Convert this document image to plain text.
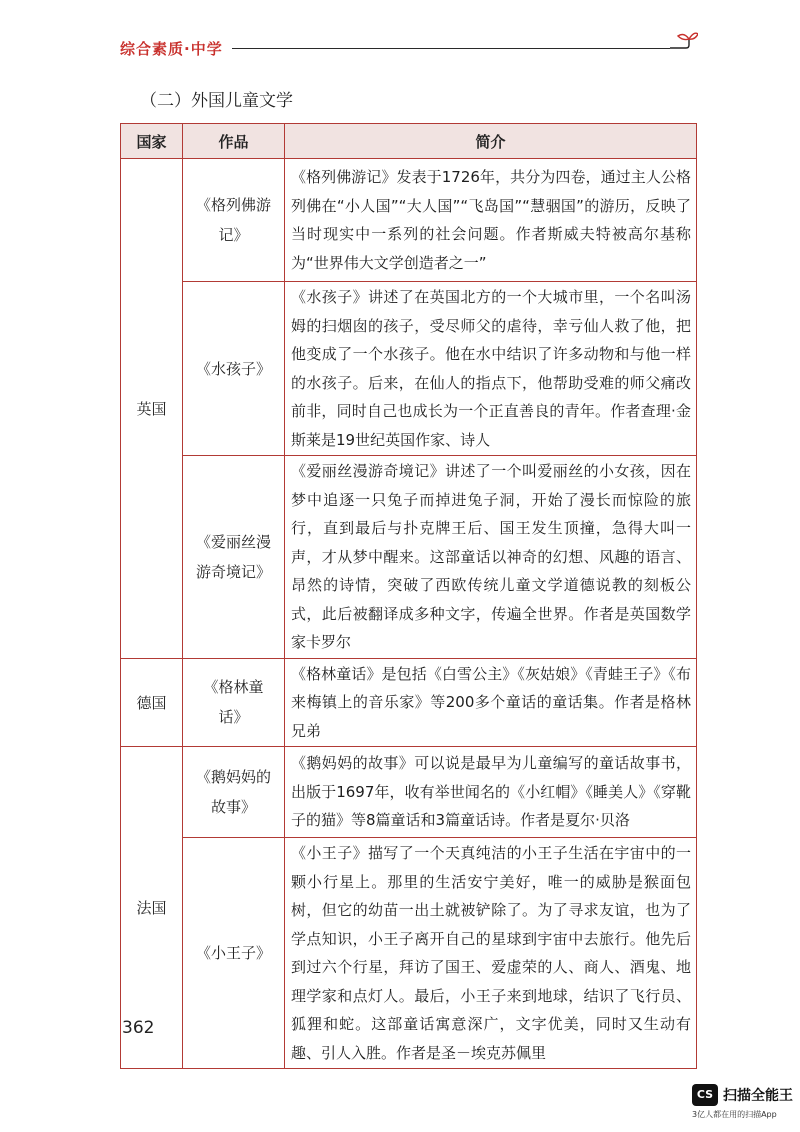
综合素质·中学
（二）外国儿童文学
国家	作品	简介
英国	《格列佛游记》	《格列佛游记》发表于1726年，共分为四卷，通过主人公格列佛在“小人国”“大人国”“飞岛国”“慧骃国”的游历，反映了当时现实中一系列的社会问题。作者斯威夫特被高尔基称为“世界伟大文学创造者之一”
	《水孩子》	《水孩子》讲述了在英国北方的一个大城市里，一个名叫汤姆的扫烟囱的孩子，受尽师父的虐待，幸亏仙人救了他，把他变成了一个水孩子。他在水中结识了许多动物和与他一样的水孩子。后来，在仙人的指点下，他帮助受难的师父痛改前非，同时自己也成长为一个正直善良的青年。作者查理·金斯莱是19世纪英国作家、诗人
	《爱丽丝漫游奇境记》	《爱丽丝漫游奇境记》讲述了一个叫爱丽丝的小女孩，因在梦中追逐一只兔子而掉进兔子洞，开始了漫长而惊险的旅行，直到最后与扑克牌王后、国王发生顶撞，急得大叫一声，才从梦中醒来。这部童话以神奇的幻想、风趣的语言、昂然的诗情，突破了西欧传统儿童文学道德说教的刻板公式，此后被翻译成多种文字，传遍全世界。作者是英国数学家卡罗尔
德国	《格林童话》	《格林童话》是包括《白雪公主》《灰姑娘》《青蛙王子》《布来梅镇上的音乐家》等200多个童话的童话集。作者是格林兄弟
法国	《鹅妈妈的故事》	《鹅妈妈的故事》可以说是最早为儿童编写的童话故事书，出版于1697年，收有举世闻名的《小红帽》《睡美人》《穿靴子的猫》等8篇童话和3篇童话诗。作者是夏尔·贝洛
	《小王子》	《小王子》描写了一个天真纯洁的小王子生活在宇宙中的一颗小行星上。那里的生活安宁美好，唯一的威胁是猴面包树，但它的幼苗一出土就被铲除了。为了寻求友谊，也为了学点知识，小王子离开自己的星球到宇宙中去旅行。他先后到过六个行星，拜访了国王、爱虚荣的人、商人、酒鬼、地理学家和点灯人。最后，小王子来到地球，结识了飞行员、狐狸和蛇。这部童话寓意深广，文字优美，同时又生动有趣、引人入胜。作者是圣－埃克苏佩里
362
CS 扫描全能王
3亿人都在用的扫描App
